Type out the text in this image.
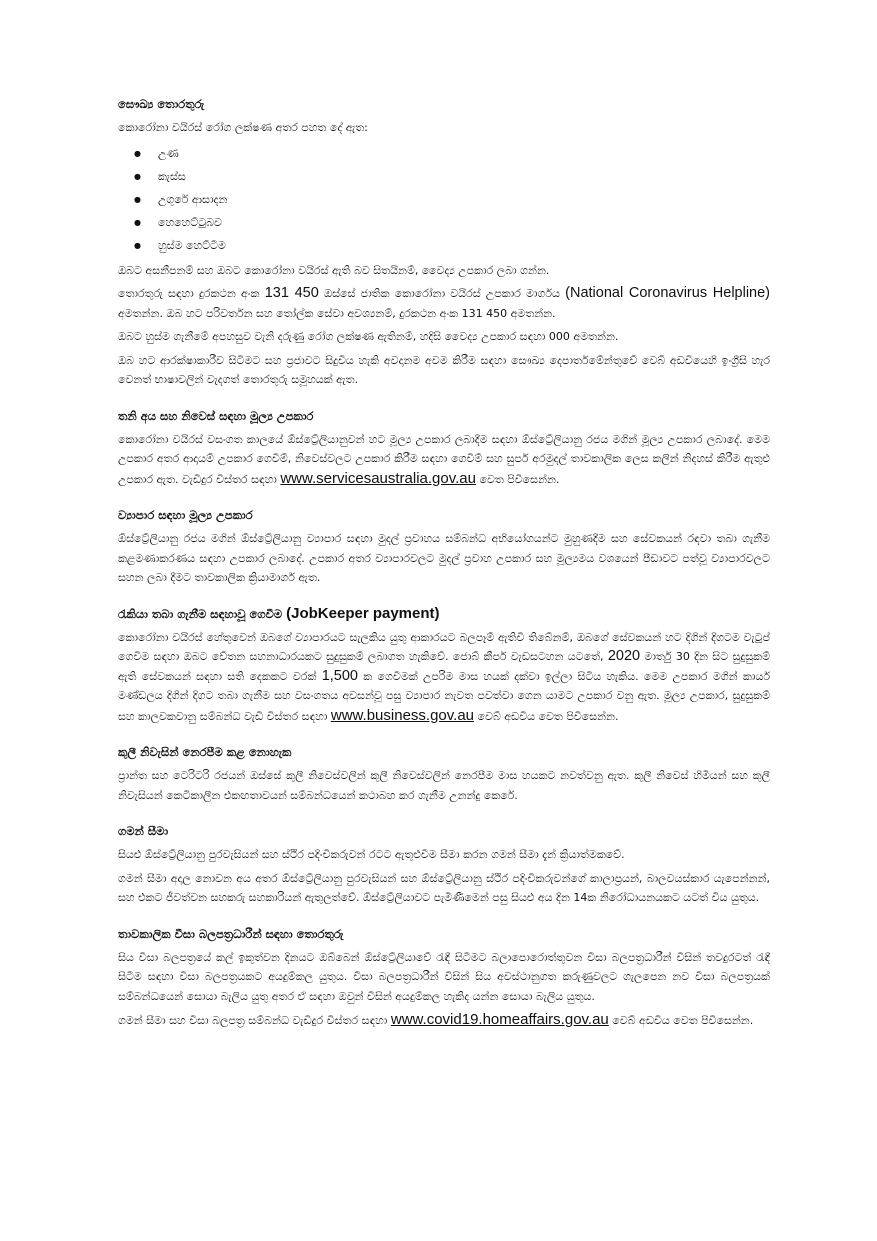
සෞඛ්‍ය තොරතුරු
කොරෝනා වයිරස් රෝග ලක්ෂණ අතර පහත දේ ඇත:
● උණ
● කැස්ස
● උගුරේ ආසාදන
● හෙහෙට්ටුබව
● හුස්ම හෙට්ටීම
ඔබට අසනීපනම් සහ ඔබට කොරෝනා වයිරස් ඇති බව සිතයිනම්, වෛද්‍ය උපකාර ලබා ගන්න.
තොරතුරු සඳහා දුරකථන අංක 131 450 ඔස්සේ ජාතික කොරෝනා වයිරස් උපකාර මාර්ගය (National Coronavirus Helpline) අමතන්න. ඔබ හට පරිවර්තන සහ තෝල්ක සේවා අවශ්‍යනම්, දුරකථන අංක 131 450 අමතන්න.
ඔබට හුස්ම ගැනීමේ අපහසුව වැනි දරුණු රෝග ලක්ෂණ ඇතිනම්, හදිසි වෛද්‍ය උපකාර සඳහා 000 අමතන්න.
ඔබ හට ආරක්ෂාකාරීව සිටීමට සහ ප්‍රජාවට සිදුවිය හැකි අවදානම අවම කිරීම සඳහා සෞඛ්‍ය දෙපාර්තමේන්තුවේ වෙබ් අඩවියෙහි ඉංග්‍රීසි හැර වෙනත් භාෂාවලින් වැදගත් තොරතුරු සමූහයක් ඇත.
තනි අය සහ නිවෙස් සඳහා මූල්‍ය උපකාර
කොරෝනා වයිරස් වසංගත කාලයේ ඕස්ට්‍රේලියානුවන් හට මූල්‍ය උපකාර ලබාදීම සඳහා ඕස්ට්‍රේලියානු රජය මගින් මූල්‍ය උපකාර ලබාදේ. මෙම උපකාර අතර ආදායම් උපකාර ගෙවීම්, නිවෙස්වලට උපකාර කිරීම සඳහා ගෙවීම් සහ සුපර් අරමුදල් තාවකාලික ලෙස කලින් නිදහස් කිරීම ඇතුළු උපකාර ඇත. වැඩිදුර විස්තර සඳහා www.servicesaustralia.gov.au වෙත පිවිසෙන්න.
ව්‍යාපාර සඳහා මූල්‍ය උපකාර
ඕස්ට්‍රේලියානු රජය මගින් ඕස්ට්‍රේලියානු ව්‍යාපාර සඳහා මුදල් ප්‍රවාහය සම්බන්ධ අභියෝගයන්ට මුහුණදීම සහ සේවකයන් රඳවා තබා ගැනීම කළමණාකරණය සඳහා උපකාර ලබාදේ. උපකාර අතර ව්‍යාපාරවලට මුදල් ප්‍රවාහ උපකාර සහ මූල්‍යමය වශයෙන් පීඩාවට පත්වූ ව්‍යාපාරවලට සහන ලබා දීමට තාවකාලික ක්‍රියාමාර්ග ඇත.
රැකියා තබා ගැනීම සඳහාවූ ගෙවීම (JobKeeper payment)
කොරෝනා වයිරස් හේතුවෙන් ඔබගේ ව්‍යාපාරයට සැලකිය යුතු ආකාරයට බලපෑම් ඇතිවී තිබේනම්, ඔබගේ සේවකයන් හට දිගින් දිගටම වැටුප් ගෙවීම සඳහා ඔබට වේතන සහනාධාරයකට සුදුසුකම් ලබාගත හැකිවේ. ජොබ් කීපර් වැඩසටහන යටතේ, 2020 මාර්තු 30 දින සිට සුදුසුකම් ඇති සේවකයන් සඳහා සති දෙකකට වරක් 1,500 ක ගෙවීමක් උපරිම මාස හයක් දක්වා ඉල්ලා සිටිය හැකිය. මෙම උපකාර මගින් කාර්ය මණ්ඩලය දිගින් දිගට තබා ගැනීම සහ වසංගතය අවසන්වූ පසු ව්‍යාපාර නැවත පවත්වා ගෙන යාමට උපකාර වනු ඇත. මූල්‍ය උපකාර, සුදුසුකම් සහ කාලවකවානු සම්බන්ධ වැඩි විස්තර සඳහා www.business.gov.au වෙබ් අඩවිය වෙත පිවිසෙන්න.
කුලී නිවැසින් නෙරපීම කළ නොහැක
ප්‍රාන්ත සහ ටෙරිටරි රජයන් ඔස්සේ කුලී නිවෙස්වලින් කුලී නිවෙස්වලින් නෙරපීම මාස හයකට නවත්වනු ඇත. කුලී නිවෙස් හිමියන් සහ කුලී නිවැසියන් කෙටිකාලීන එකඟතාවයන් සම්බන්ධයෙන් කථාබහ කර ගැනීම උනන්දු කෙරේ.
ගමන් සීමා
සියළු ඕස්ට්‍රේලියානු පුරවැසියන් සහ ස්ථිර පදිංචිකරුවන් රටට ඇතුළුවීම සීමා කරන ගමන් සීමා දැන් ක්‍රියාත්මකවේ.
ගමන් සීමා අදාල නොවන අය අතර ඕස්ට්‍රේලියානු පුරවැසියන් සහ ඕස්ට්‍රේලියානු ස්ථිර පදිංචිකරුවන්ගේ කාලාප්‍රයන්, බාලවයස්කාර යැපෙන්නන්, සහ එකට ජීවත්වන සහකරු සහකාරියන් ඇතුලත්වේ. ඕස්ට්‍රේලියාවට පැමිණීමෙන් පසු සියළු අය දින 14ක නිරෝධායනයකට යටත් විය යුතුය.
තාවකාලික වීසා බලපත්‍රධාරීන් සඳහා තොරතුරු
සිය වීසා බලපත්‍රයේ කල් ඉකුත්වන දිනයට ඔබ්බෙන් ඕස්ට්‍රේලියාවේ රැඳී සිටීමට බලාපොරොත්තුවන වීසා බලපත්‍රධාරීන් විසින් තවදුරටත් රැඳී සිටීම සඳහා වීසා බලපත්‍රයකට අයදුම්කල යුතුය. වීසා බලපත්‍රධාරීන් විසින් සිය අවස්ථානුගත කරුණුවලට ගැලපෙන නව වීසා බලපත්‍රයක් සම්බන්ධයෙන් සොයා බැලිය යුතු අතර ඒ සඳහා ඔවුන් විසින් අයදුම්කල හැකිද යන්න සොයා බැලිය යුතුය.
ගමන් සීමා සහ වීසා බලපත්‍ර සම්බන්ධ වැඩිදුර විස්තර සඳහා www.covid19.homeaffairs.gov.au වෙබ් අඩවිය වෙත පිවිසෙන්න.
